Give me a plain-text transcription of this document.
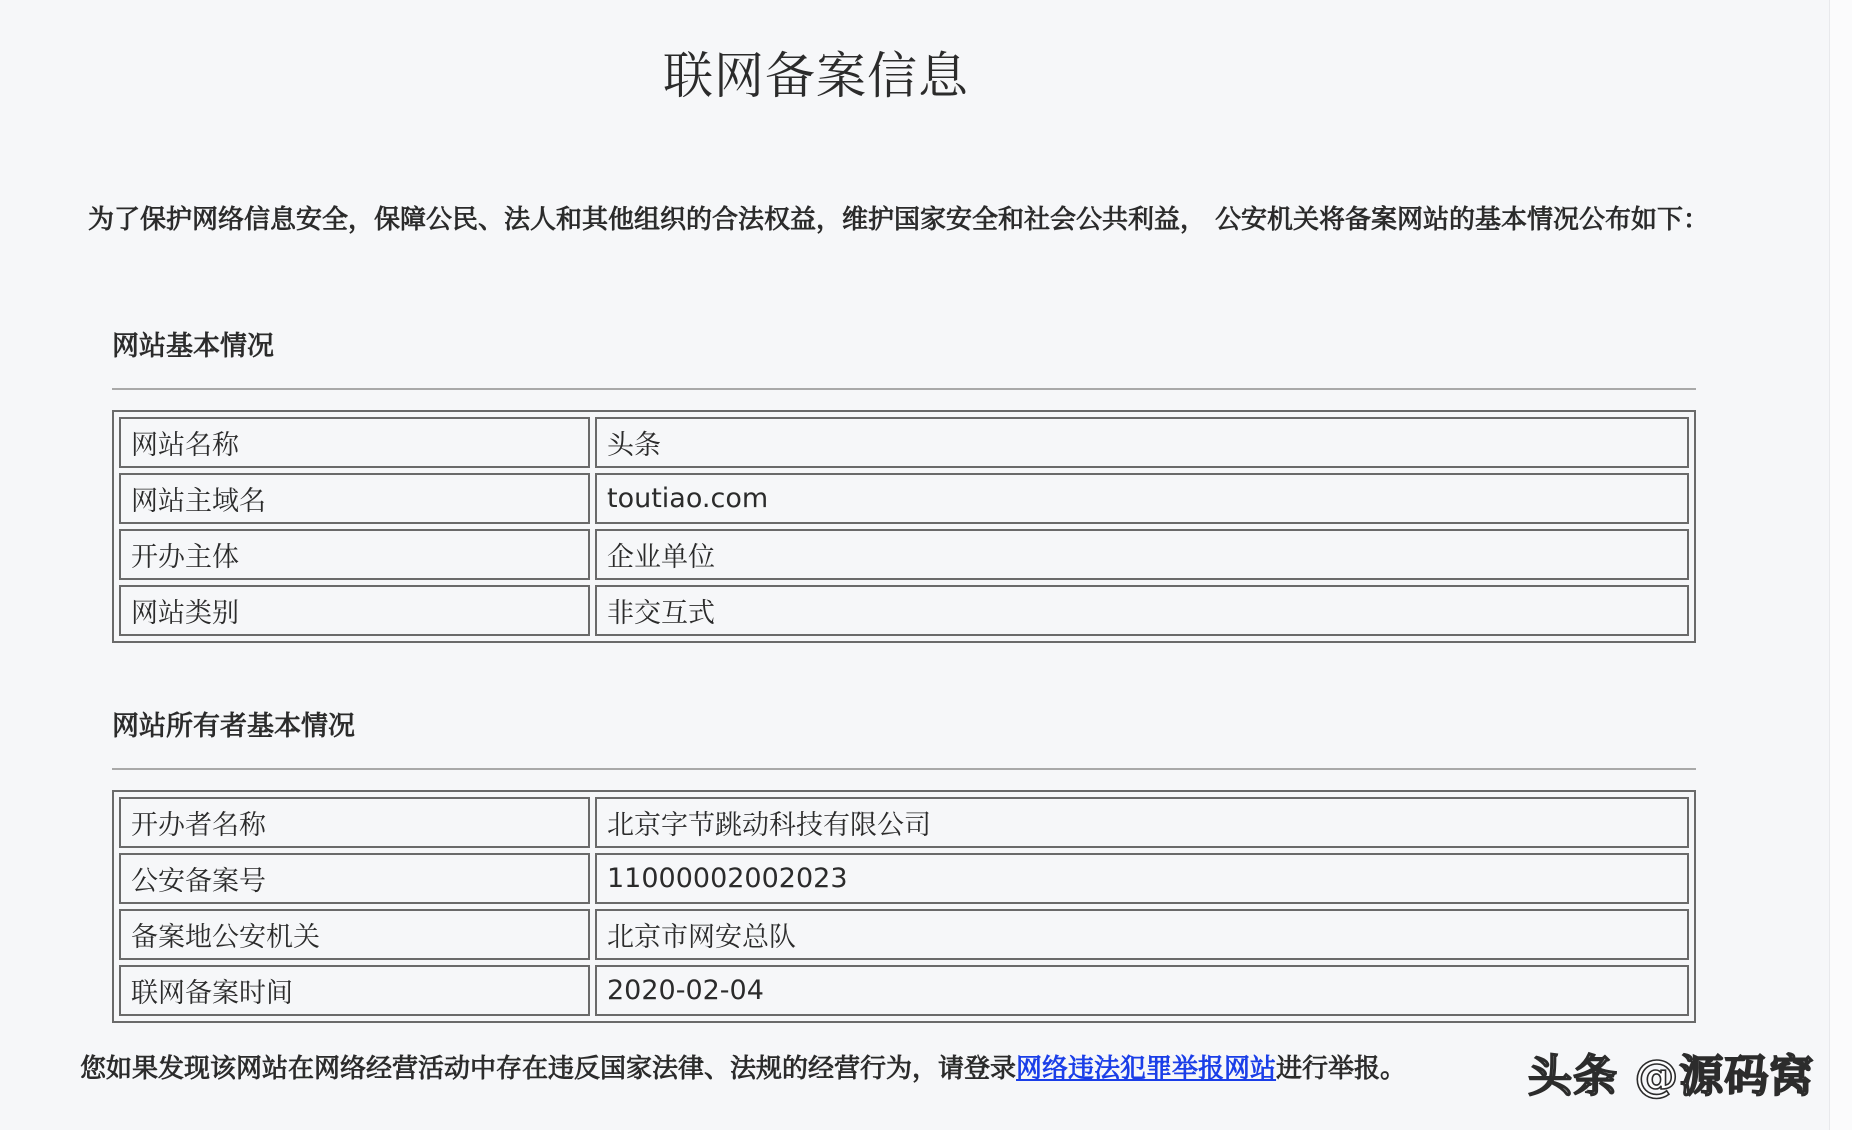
联网备案信息

为了保护网络信息安全，保障公民、法人和其他组织的合法权益，维护国家安全和社会公共利益， 公安机关将备案网站的基本情况公布如下：

网站基本情况
网站名称	头条
网站主域名	toutiao.com
开办主体	企业单位
网站类别	非交互式
网站所有者基本情况
开办者名称	北京字节跳动科技有限公司
公安备案号	11000002002023
备案地公安机关	北京市网安总队
联网备案时间	2020-02-04

您如果发现该网站在网络经营活动中存在违反国家法律、法规的经营行为，请登录网络违法犯罪举报网站进行举报。	头条 @源码窝
